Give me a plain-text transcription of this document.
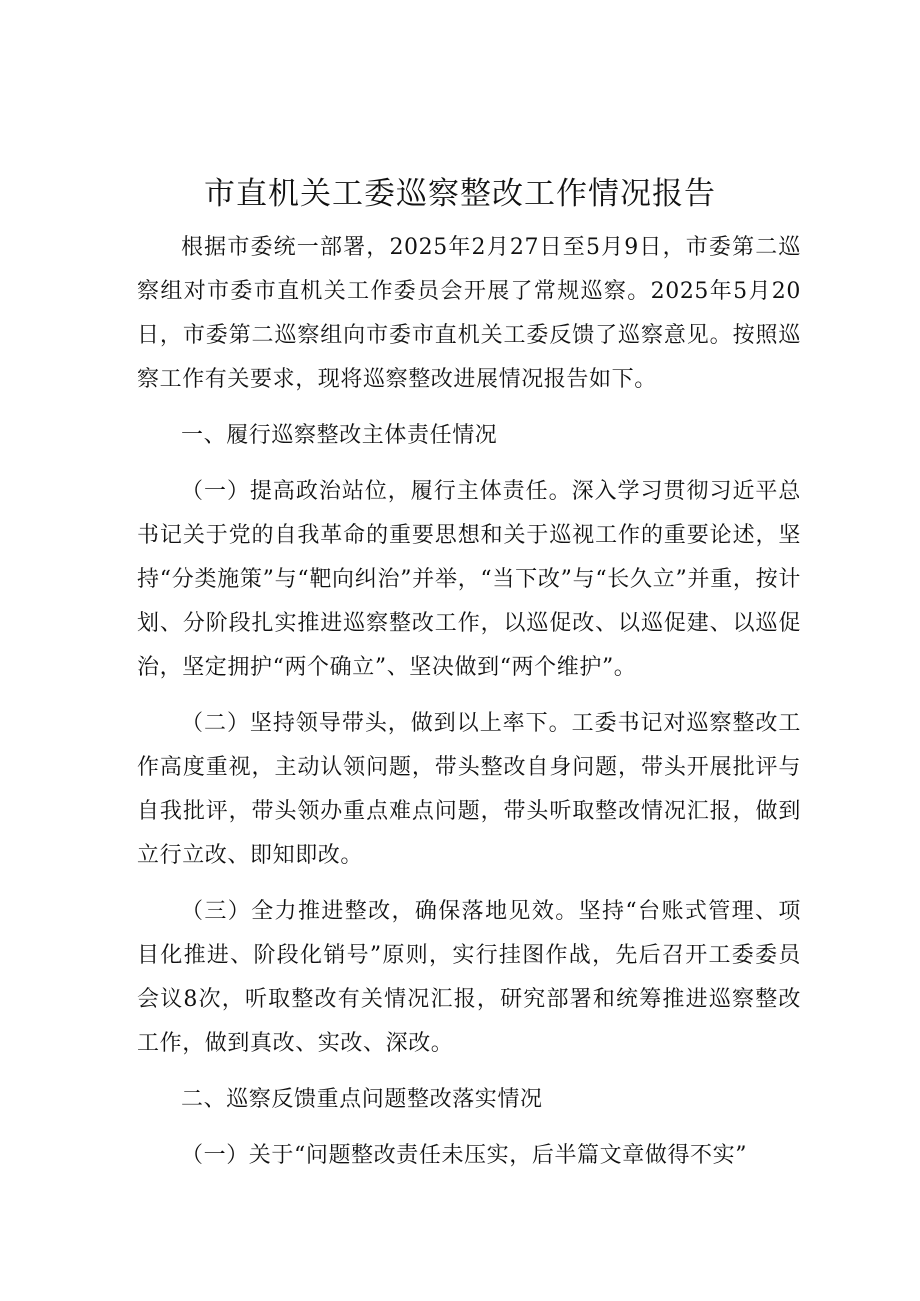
市直机关工委巡察整改工作情况报告

根据市委统一部署，2025年2月27日至5月9日，市委第二巡察组对市委市直机关工作委员会开展了常规巡察。2025年5月20日，市委第二巡察组向市委市直机关工委反馈了巡察意见。按照巡察工作有关要求，现将巡察整改进展情况报告如下。

一、履行巡察整改主体责任情况

（一）提高政治站位，履行主体责任。深入学习贯彻习近平总书记关于党的自我革命的重要思想和关于巡视工作的重要论述，坚持“分类施策”与“靶向纠治”并举，“当下改”与“长久立”并重，按计划、分阶段扎实推进巡察整改工作，以巡促改、以巡促建、以巡促治，坚定拥护“两个确立”、坚决做到“两个维护”。

（二）坚持领导带头，做到以上率下。工委书记对巡察整改工作高度重视，主动认领问题，带头整改自身问题，带头开展批评与自我批评，带头领办重点难点问题，带头听取整改情况汇报，做到立行立改、即知即改。

（三）全力推进整改，确保落地见效。坚持“台账式管理、项目化推进、阶段化销号”原则，实行挂图作战，先后召开工委委员会议8次，听取整改有关情况汇报，研究部署和统筹推进巡察整改工作，做到真改、实改、深改。

二、巡察反馈重点问题整改落实情况

（一）关于“问题整改责任未压实，后半篇文章做得不实”
